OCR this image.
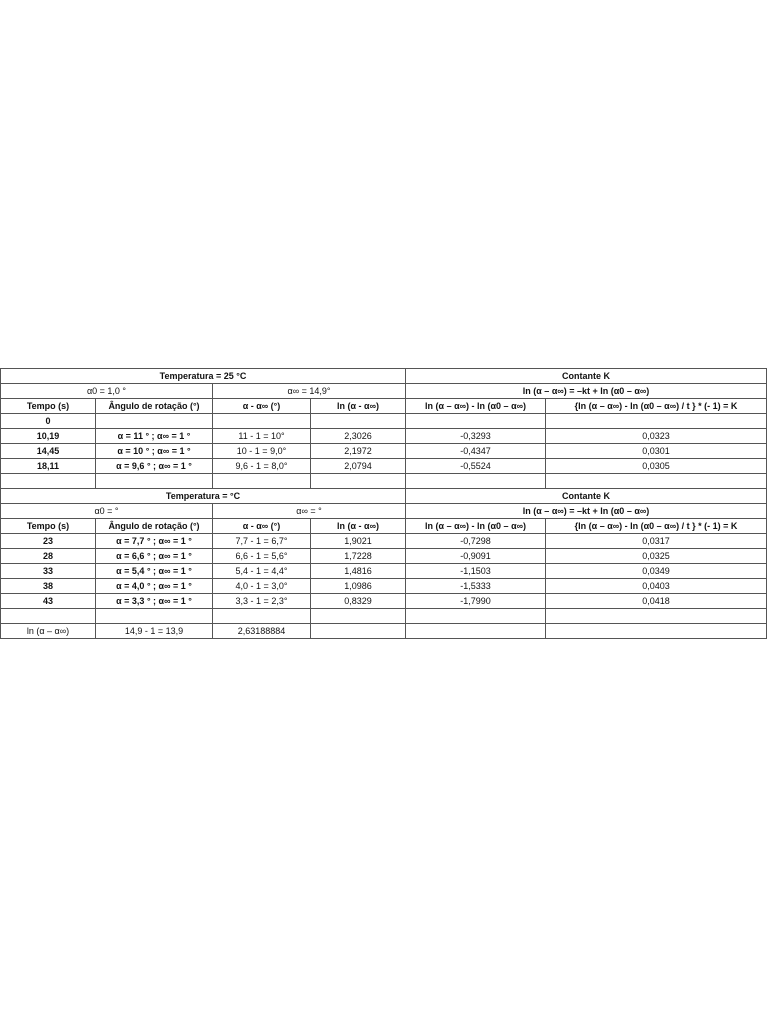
Temperatura = 25 °C				Contante K	
α0 = 1,0 °		α∞ = 14,9°		ln (α – α∞) = –kt + ln (α0 – α∞)	
Tempo (s)	Ângulo de rotação (°)	α - α∞ (°)	ln (α - α∞)	ln (α – α∞) - ln (α0 – α∞)	{ln (α – α∞) - ln (α0 – α∞) / t } * (- 1) = K
0					
10,19	α = 11 ° ; α∞ = 1 °	11 - 1 = 10°	2,3026	-0,3293	0,0323
14,45	α = 10 ° ; α∞ = 1 °	10 - 1 = 9,0°	2,1972	-0,4347	0,0301
18,11	α = 9,6 ° ; α∞ = 1 °	9,6 - 1 = 8,0°	2,0794	-0,5524	0,0305

Temperatura = °C				Contante K	
α0 = °		α∞ = °		ln (α – α∞) = –kt + ln (α0 – α∞)	
Tempo (s)	Ângulo de rotação (°)	α - α∞ (°)	ln (α - α∞)	ln (α – α∞) - ln (α0 – α∞)	{ln (α – α∞) - ln (α0 – α∞) / t } * (- 1) = K
23	α = 7,7 ° ; α∞ = 1 °	7,7 - 1 = 6,7°	1,9021	-0,7298	0,0317
28	α = 6,6 ° ; α∞ = 1 °	6,6 - 1 = 5,6°	1,7228	-0,9091	0,0325
33	α = 5,4 ° ; α∞ = 1 °	5,4 - 1 = 4,4°	1,4816	-1,1503	0,0349
38	α = 4,0 ° ; α∞ = 1 °	4,0 - 1 = 3,0°	1,0986	-1,5333	0,0403
43	α = 3,3 ° ; α∞ = 1 °	3,3 - 1 = 2,3°	0,8329	-1,7990	0,0418

ln (α – α∞)	14,9 - 1 = 13,9	2,63188884			
